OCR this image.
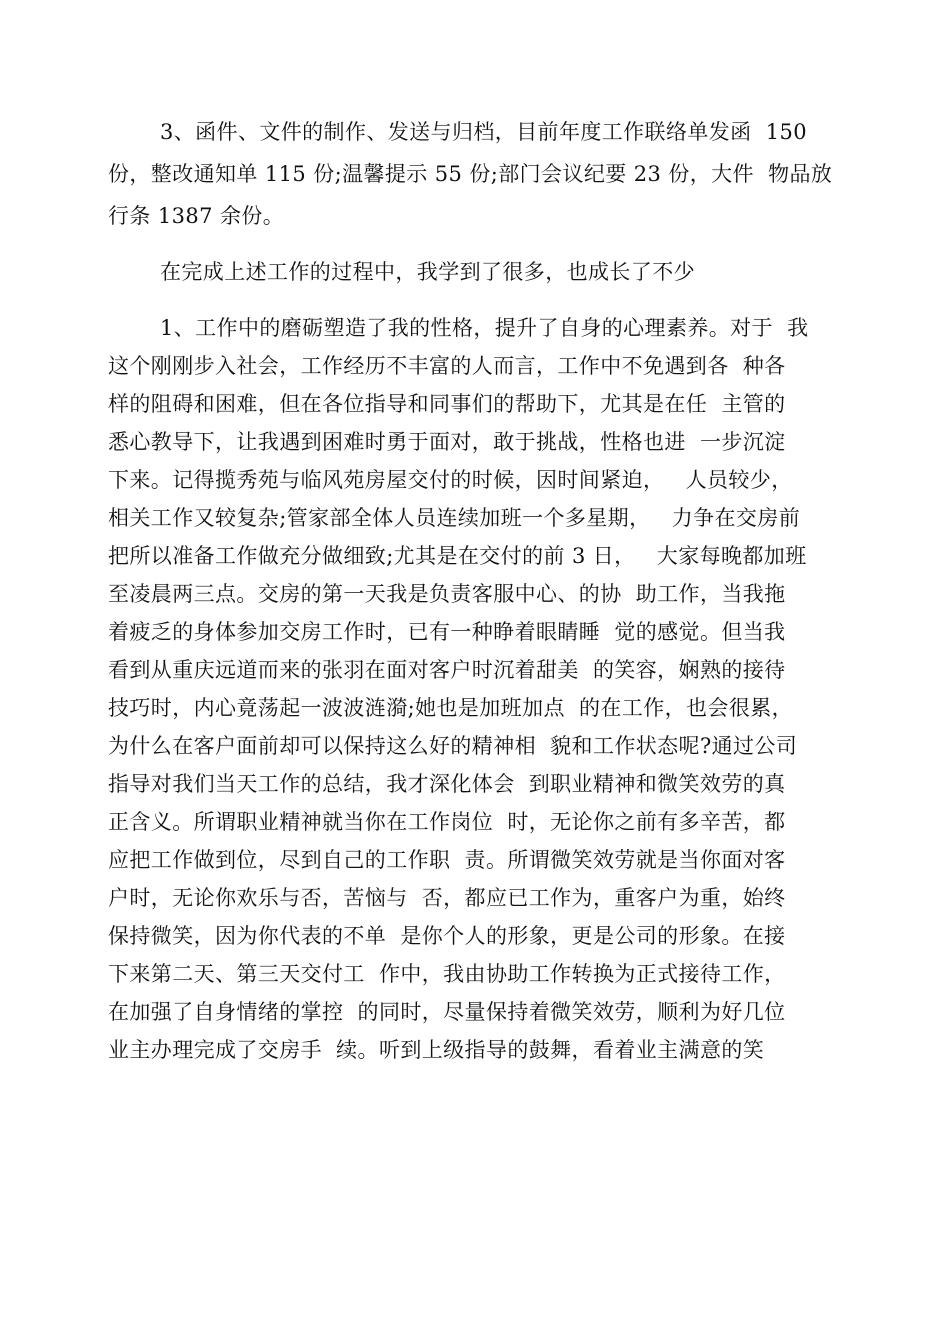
3、函件、文件的制作、发送与归档，目前年度工作联络单发函  150
份，整改通知单 115 份;温馨提示 55 份;部门会议纪要 23 份，大件  物品放
行条 1387 余份。
在完成上述工作的过程中，我学到了很多，也成长了不少
1、工作中的磨砺塑造了我的性格，提升了自身的心理素养。对于  我
这个刚刚步入社会，工作经历不丰富的人而言，工作中不免遇到各  种各
样的阻碍和困难，但在各位指导和同事们的帮助下，尤其是在任  主管的
悉心教导下，让我遇到困难时勇于面对，敢于挑战，性格也进  一步沉淀
下来。记得揽秀苑与临风苑房屋交付的时候，因时间紧迫，   人员较少，
相关工作又较复杂;管家部全体人员连续加班一个多星期，   力争在交房前
把所以准备工作做充分做细致;尤其是在交付的前 3 日，   大家每晚都加班
至凌晨两三点。交房的第一天我是负责客服中心、的协  助工作，当我拖
着疲乏的身体参加交房工作时，已有一种睁着眼睛睡  觉的感觉。但当我
看到从重庆远道而来的张羽在面对客户时沉着甜美  的笑容，娴熟的接待
技巧时，内心竟荡起一波波涟漪;她也是加班加点  的在工作，也会很累，
为什么在客户面前却可以保持这么好的精神相  貌和工作状态呢?通过公司
指导对我们当天工作的总结，我才深化体会  到职业精神和微笑效劳的真
正含义。所谓职业精神就当你在工作岗位  时，无论你之前有多辛苦，都
应把工作做到位，尽到自己的工作职  责。所谓微笑效劳就是当你面对客
户时，无论你欢乐与否，苦恼与  否，都应已工作为，重客户为重，始终
保持微笑，因为你代表的不单  是你个人的形象，更是公司的形象。在接
下来第二天、第三天交付工  作中，我由协助工作转换为正式接待工作，
在加强了自身情绪的掌控  的同时，尽量保持着微笑效劳，顺利为好几位
业主办理完成了交房手  续。听到上级指导的鼓舞，看着业主满意的笑
